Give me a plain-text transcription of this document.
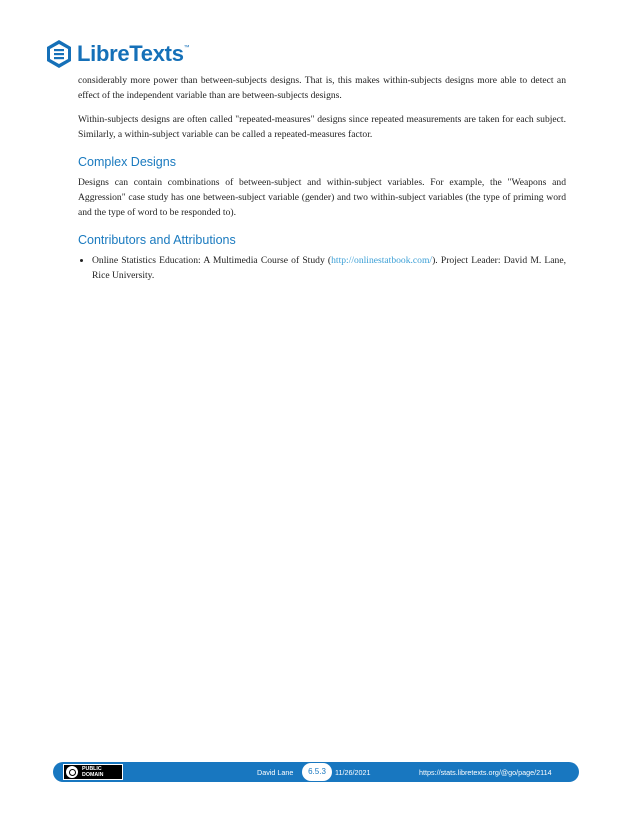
LibreTexts ™

considerably more power than between-subjects designs. That is, this makes within-subjects designs more able to detect an effect of the independent variable than are between-subjects designs.

Within-subjects designs are often called "repeated-measures" designs since repeated measurements are taken for each subject. Similarly, a within-subject variable can be called a repeated-measures factor.

Complex Designs

Designs can contain combinations of between-subject and within-subject variables. For example, the "Weapons and Aggression" case study has one between-subject variable (gender) and two within-subject variables (the type of priming word and the type of word to be responded to).

Contributors and Attributions
• Online Statistics Education: A Multimedia Course of Study (http://onlinestatbook.com/). Project Leader: David M. Lane, Rice University.
PUBLIC
DOMAIN	David Lane	6.5.3	11/26/2021	https://stats.libretexts.org/@go/page/2114
